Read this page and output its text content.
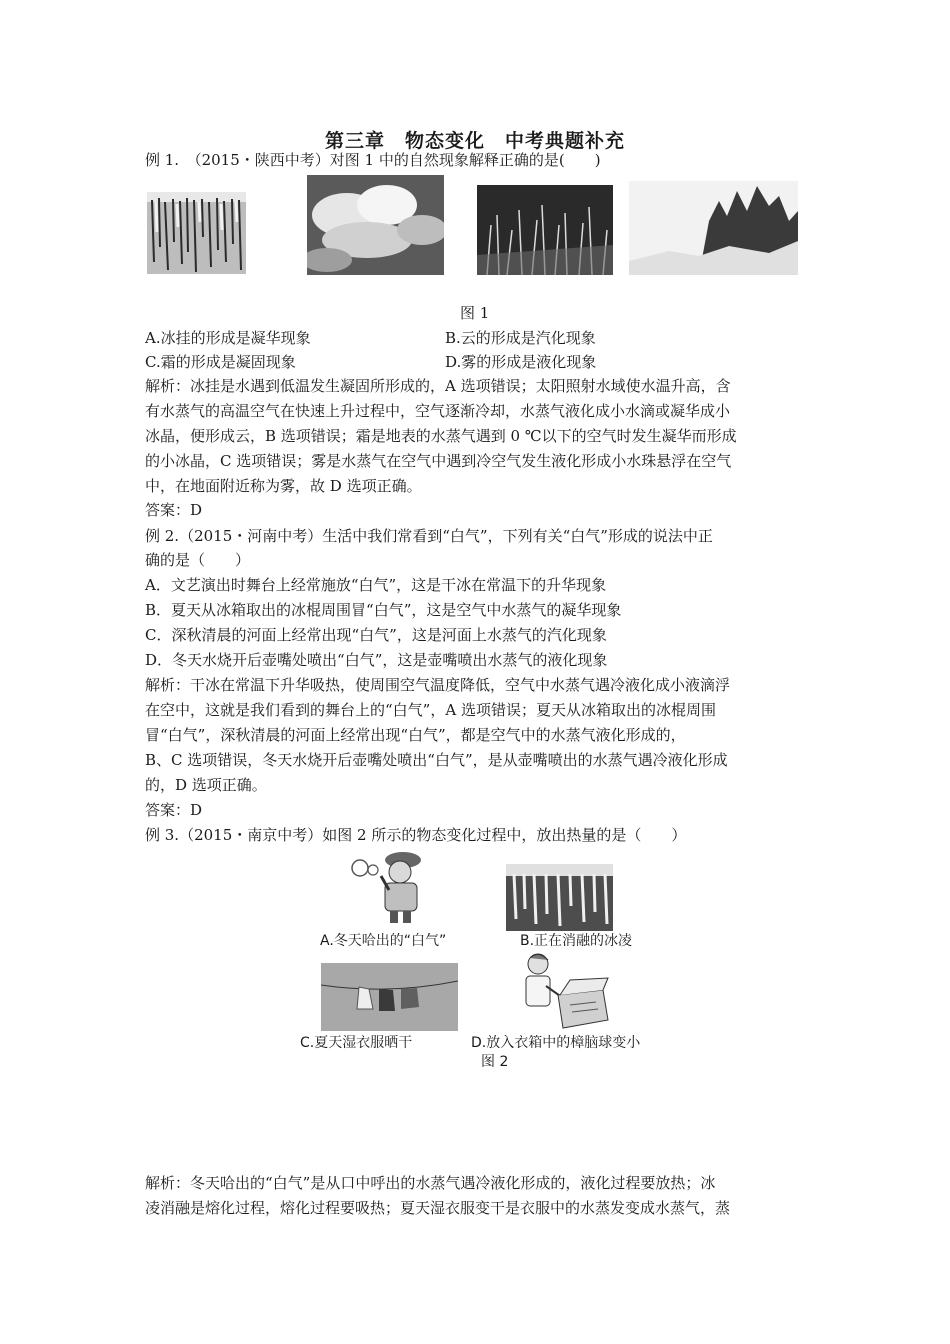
第三章　物态变化　中考典题补充
例 1.　（2015・陕西中考）对图 1 中的自然现象解释正确的是(　　)
图 1
A.冰挂的形成是凝华现象	B.云的形成是汽化现象
C.霜的形成是凝固现象	D.雾的形成是液化现象
解析：冰挂是水遇到低温发生凝固所形成的，A 选项错误；太阳照射水域使水温升高，含
有水蒸气的高温空气在快速上升过程中，空气逐渐冷却，水蒸气液化成小水滴或凝华成小
冰晶，便形成云，B 选项错误；霜是地表的水蒸气遇到 0 ℃以下的空气时发生凝华而形成
的小冰晶，C 选项错误；雾是水蒸气在空气中遇到冷空气发生液化形成小水珠悬浮在空气
中，在地面附近称为雾，故 D 选项正确。
答案：D
例 2.（2015・河南中考）生活中我们常看到“白气”，下列有关“白气”形成的说法中正
确的是（　　）
A．文艺演出时舞台上经常施放“白气”，这是干冰在常温下的升华现象
B．夏天从冰箱取出的冰棍周围冒“白气”，这是空气中水蒸气的凝华现象
C．深秋清晨的河面上经常出现“白气”，这是河面上水蒸气的汽化现象
D．冬天水烧开后壶嘴处喷出“白气”，这是壶嘴喷出水蒸气的液化现象
解析：干冰在常温下升华吸热，使周围空气温度降低，空气中水蒸气遇冷液化成小液滴浮
在空中，这就是我们看到的舞台上的“白气”，A 选项错误；夏天从冰箱取出的冰棍周围
冒“白气”，深秋清晨的河面上经常出现“白气”，都是空气中的水蒸气液化形成的，
B、C 选项错误，冬天水烧开后壶嘴处喷出“白气”，是从壶嘴喷出的水蒸气遇冷液化形成
的，D 选项正确。
答案：D
例 3.（2015・南京中考）如图 2 所示的物态变化过程中，放出热量的是（　　）
A.冬天哈出的“白气”	B.正在消融的冰凌
C.夏天湿衣服晒干	D.放入衣箱中的樟脑球变小
图 2
解析：冬天哈出的“白气”是从口中呼出的水蒸气遇冷液化形成的，液化过程要放热；冰
凌消融是熔化过程，熔化过程要吸热；夏天湿衣服变干是衣服中的水蒸发变成水蒸气，蒸
